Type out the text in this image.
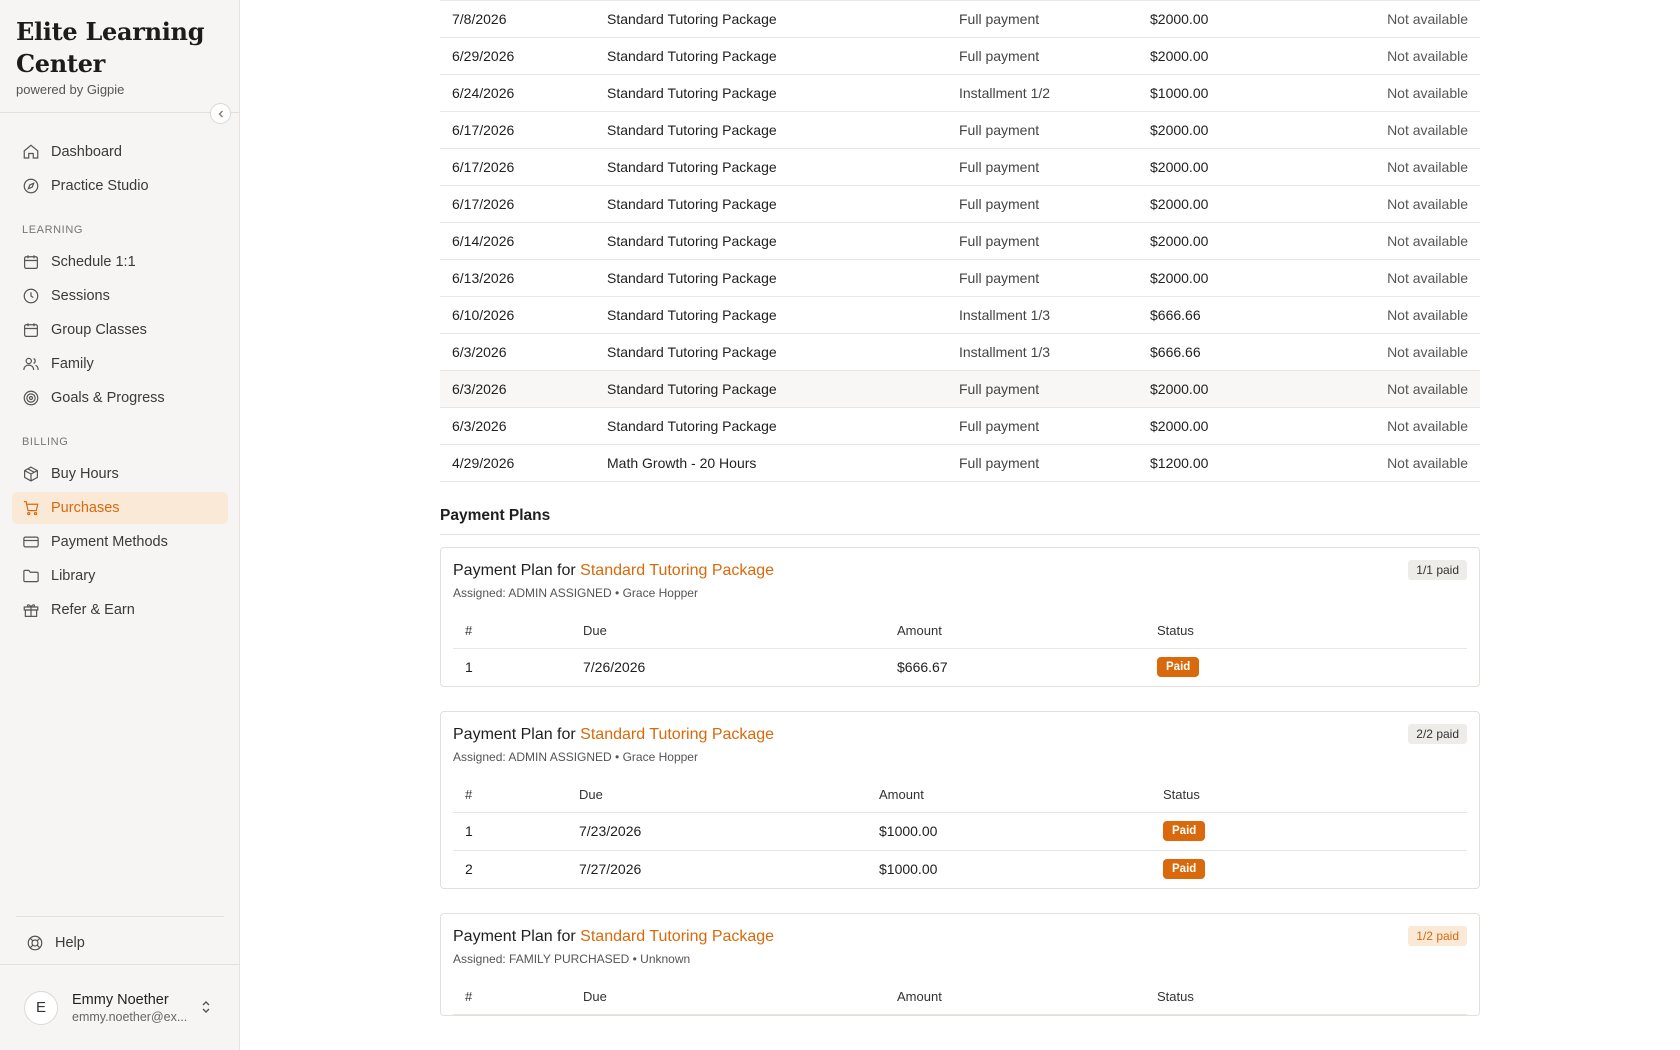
Elite Learning Center
powered by Gigpie
Dashboard
Practice Studio
LEARNING
Schedule 1:1
Sessions
Group Classes
Family
Goals & Progress
BILLING
Buy Hours
Purchases
Payment Methods
Library
Refer & Earn
Help
E	Emmy Noether
emmy.noether@ex...
7/8/2026	Standard Tutoring Package	Full payment	$2000.00	Not available
6/29/2026	Standard Tutoring Package	Full payment	$2000.00	Not available
6/24/2026	Standard Tutoring Package	Installment 1/2	$1000.00	Not available
6/17/2026	Standard Tutoring Package	Full payment	$2000.00	Not available
6/17/2026	Standard Tutoring Package	Full payment	$2000.00	Not available
6/17/2026	Standard Tutoring Package	Full payment	$2000.00	Not available
6/14/2026	Standard Tutoring Package	Full payment	$2000.00	Not available
6/13/2026	Standard Tutoring Package	Full payment	$2000.00	Not available
6/10/2026	Standard Tutoring Package	Installment 1/3	$666.66	Not available
6/3/2026	Standard Tutoring Package	Installment 1/3	$666.66	Not available
6/3/2026	Standard Tutoring Package	Full payment	$2000.00	Not available
6/3/2026	Standard Tutoring Package	Full payment	$2000.00	Not available
4/29/2026	Math Growth - 20 Hours	Full payment	$1200.00	Not available
Payment Plans
Payment Plan for Standard Tutoring Package
Assigned: ADMIN ASSIGNED • Grace Hopper
1/1 paid
#	Due	Amount	Status
1	7/26/2026	$666.67	Paid
Payment Plan for Standard Tutoring Package
Assigned: ADMIN ASSIGNED • Grace Hopper
2/2 paid
#	Due	Amount	Status
1	7/23/2026	$1000.00	Paid
2	7/27/2026	$1000.00	Paid
Payment Plan for Standard Tutoring Package
Assigned: FAMILY PURCHASED • Unknown
1/2 paid
#	Due	Amount	Status
